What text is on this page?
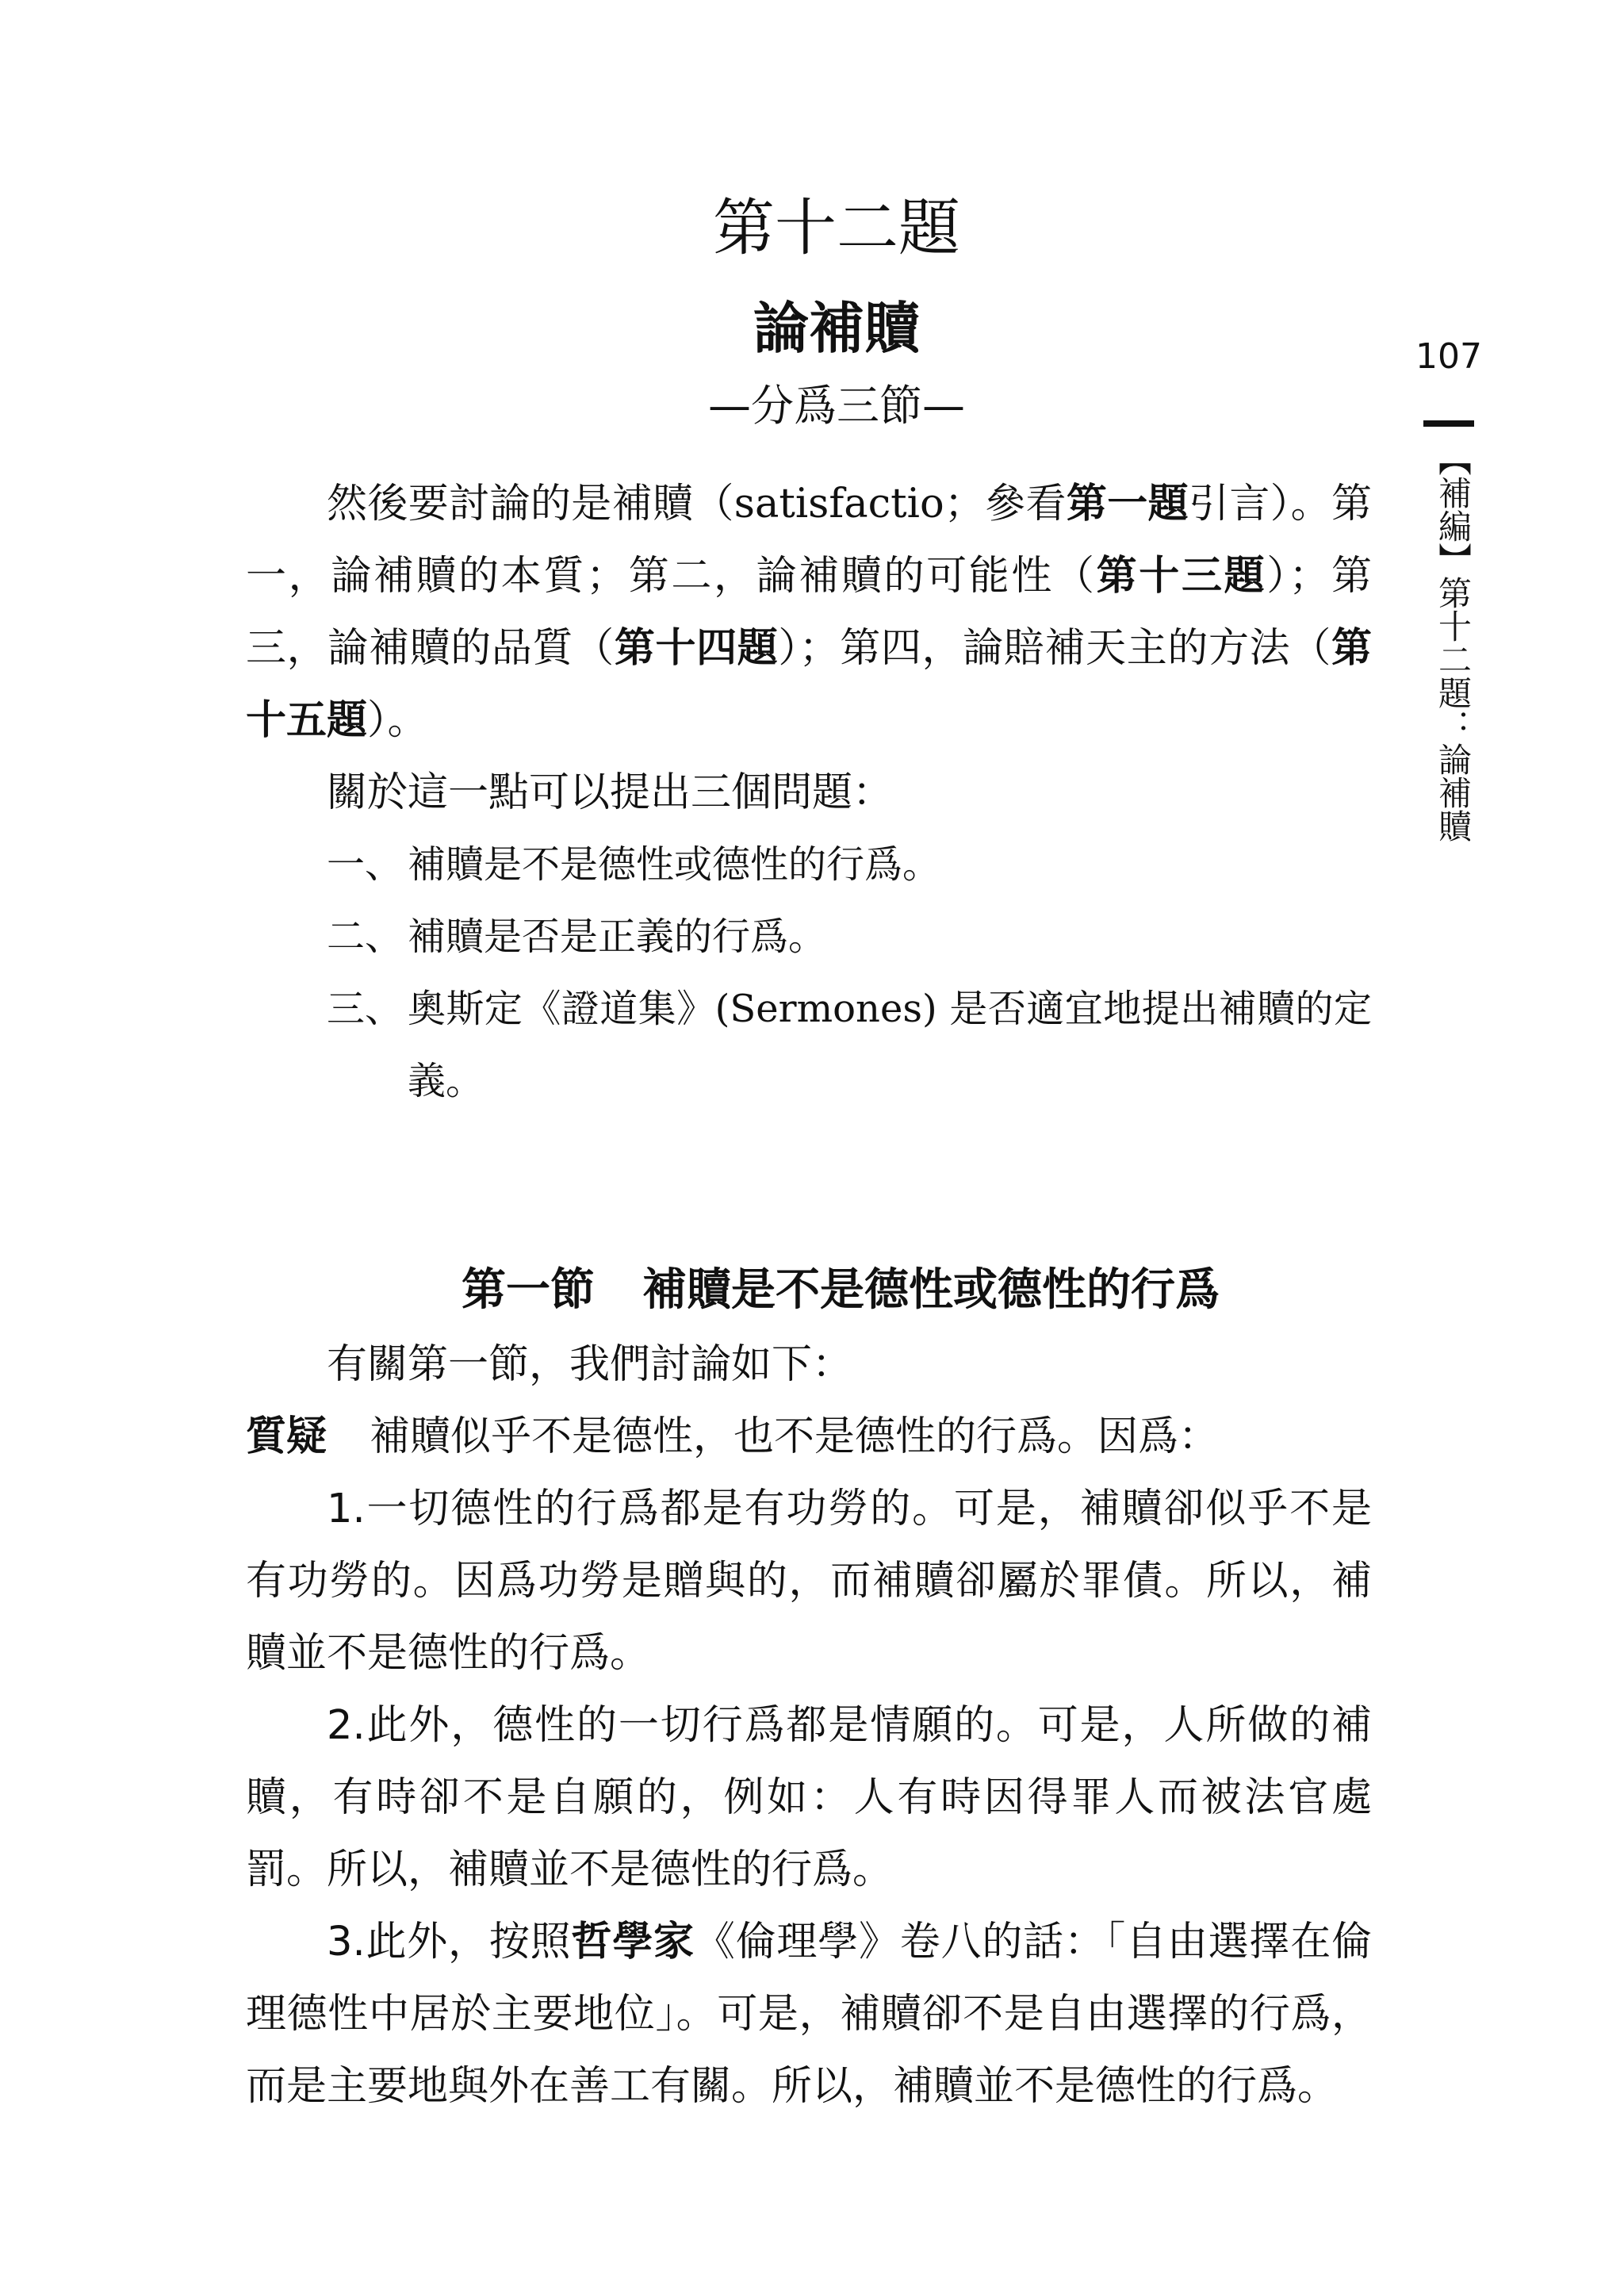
第十二題
論補贖
—分爲三節—

然後要討論的是補贖（satisfactio；參看第一題引言）。第一，論補贖的本質；第二，論補贖的可能性（第十三題）；第三，論補贖的品質（第十四題）；第四，論賠補天主的方法（第十五題）。

關於這一點可以提出三個問題：

一、 補贖是不是德性或德性的行爲。
二、 補贖是否是正義的行爲。
三、 奧斯定《證道集》(Sermones) 是否適宜地提出補贖的定義。
第一節 補贖是不是德性或德性的行爲

有關第一節，我們討論如下：

質疑	補贖似乎不是德性，也不是德性的行爲。因爲：

1.一切德性的行爲都是有功勞的。可是，補贖卻似乎不是有功勞的。因爲功勞是贈與的，而補贖卻屬於罪債。所以，補贖並不是德性的行爲。

2.此外，德性的一切行爲都是情願的。可是，人所做的補贖，有時卻不是自願的，例如：人有時因得罪人而被法官處罰。所以，補贖並不是德性的行爲。

3.此外，按照哲學家《倫理學》卷八的話：「自由選擇在倫理德性中居於主要地位」。可是，補贖卻不是自由選擇的行爲，而是主要地與外在善工有關。所以，補贖並不是德性的行爲。

107
【補編】第十二題：論補贖
